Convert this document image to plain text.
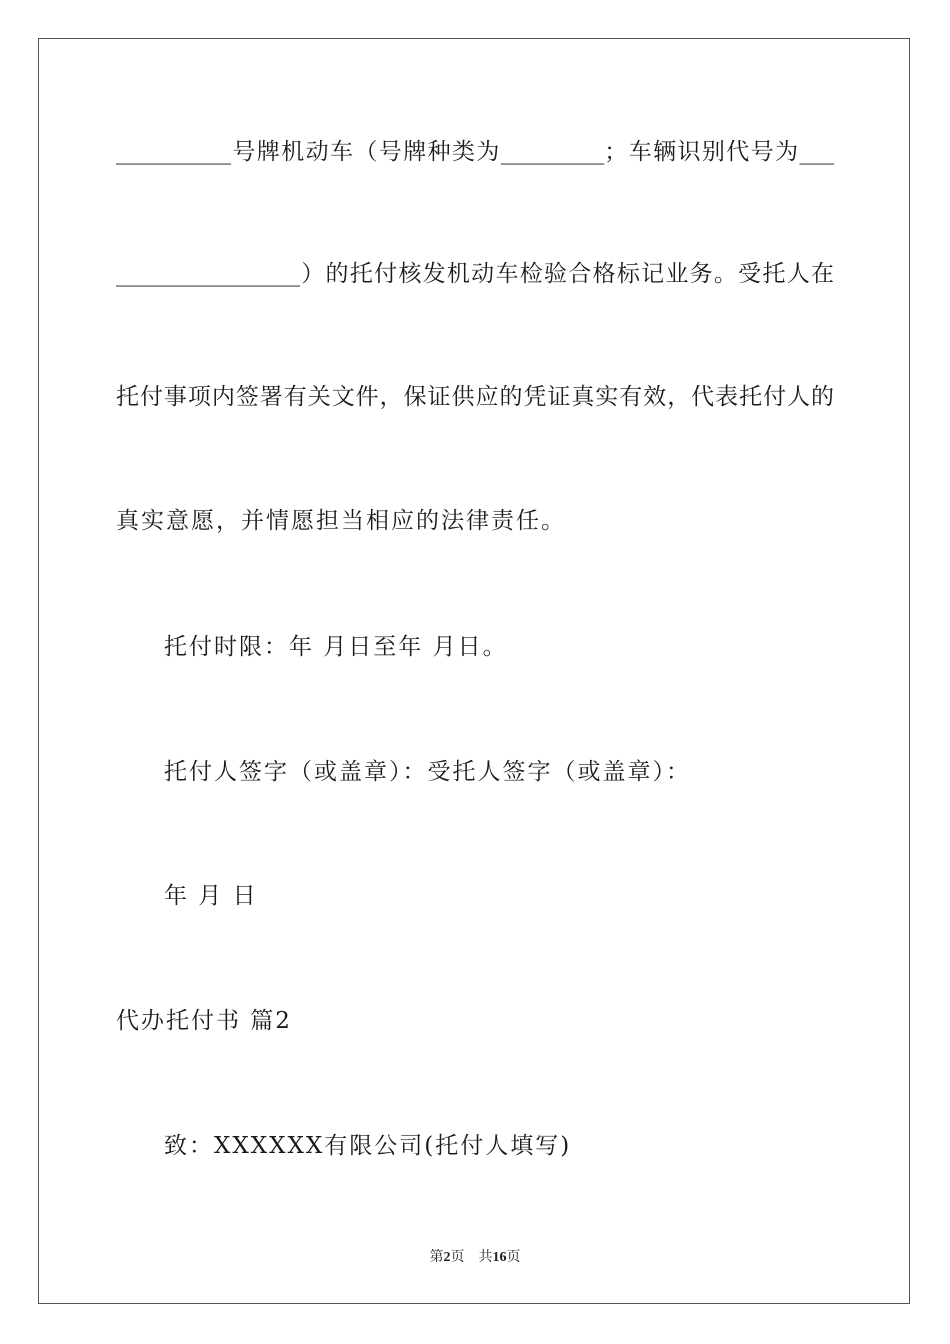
__________号牌机动车（号牌种类为_________；车辆识别代号为___
________________）的托付核发机动车检验合格标记业务。受托人在
托付事项内签署有关文件，保证供应的凭证真实有效，代表托付人的
真实意愿，并情愿担当相应的法律责任。
托付时限：年 月日至年 月日。
托付人签字（或盖章）：受托人签字（或盖章）：
年 月 日
代办托付书 篇2
致：XXXXXX有限公司(托付人填写)
第2页 共16页
